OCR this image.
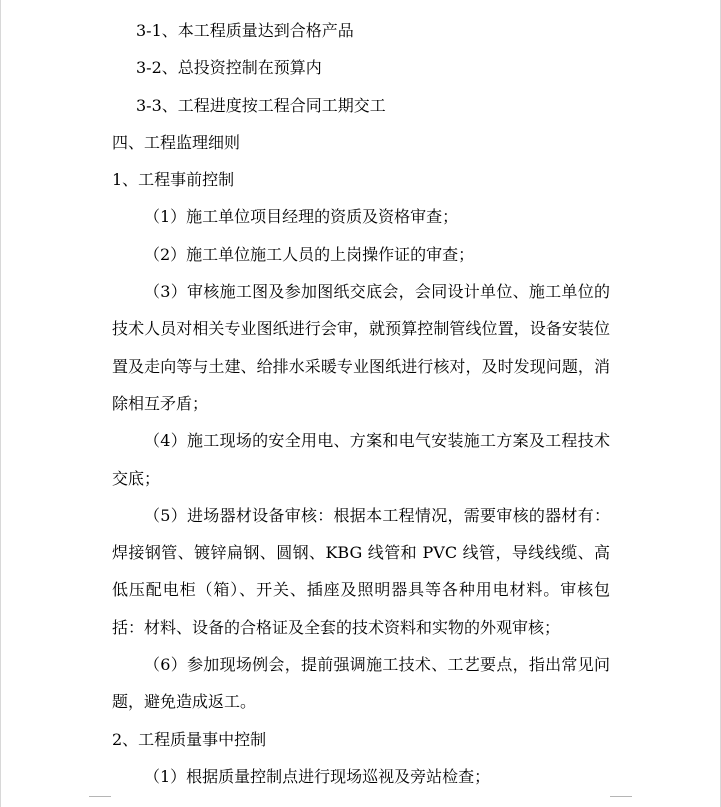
3-1、本工程质量达到合格产品

3-2、总投资控制在预算内

3-3、工程进度按工程合同工期交工

四、工程监理细则

1、工程事前控制

（1）施工单位项目经理的资质及资格审查；

（2）施工单位施工人员的上岗操作证的审查；

（3）审核施工图及参加图纸交底会，会同设计单位、施工单位的技术人员对相关专业图纸进行会审，就预算控制管线位置，设备安装位置及走向等与土建、给排水采暖专业图纸进行核对，及时发现问题，消除相互矛盾；

（4）施工现场的安全用电、方案和电气安装施工方案及工程技术交底；

（5）进场器材设备审核：根据本工程情况，需要审核的器材有：焊接钢管、镀锌扁钢、圆钢、KBG 线管和 PVC 线管，导线线缆、高低压配电柜（箱）、开关、插座及照明器具等各种用电材料。审核包括：材料、设备的合格证及全套的技术资料和实物的外观审核；

（6）参加现场例会，提前强调施工技术、工艺要点，指出常见问题，避免造成返工。

2、工程质量事中控制

（1）根据质量控制点进行现场巡视及旁站检查；
